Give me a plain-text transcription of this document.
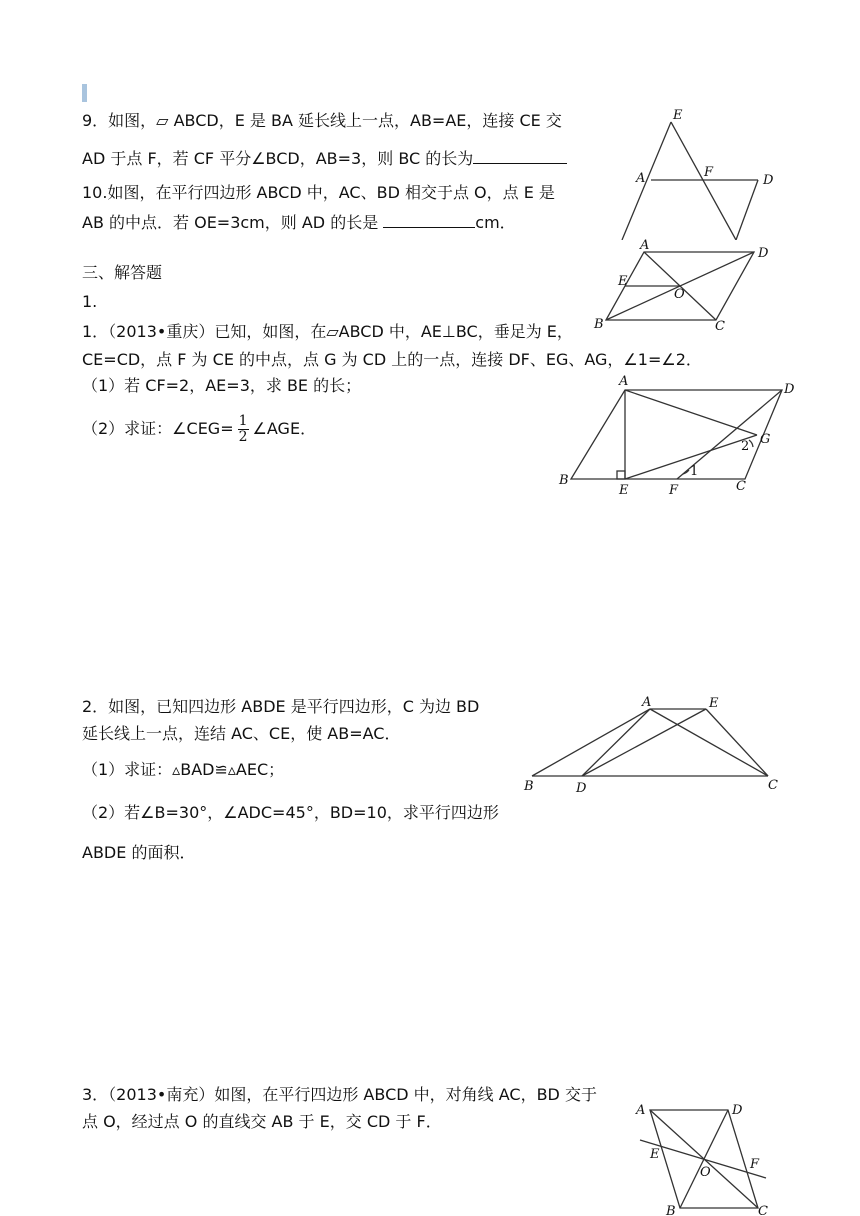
9．如图，▱ ABCD，E 是 BA 延长线上一点，AB=AE，连接 CE 交
AD 于点 F，若 CF 平分∠BCD，AB=3，则 BC 的长为
10.如图，在平行四边形 ABCD 中，AC、BD 相交于点 O，点 E 是
AB 的中点．若 OE=3cm，则 AD 的长是	cm．
三、解答题
1.
1．（2013•重庆）已知，如图，在▱ABCD 中，AE⊥BC，垂足为 E，
CE=CD，点 F 为 CE 的中点，点 G 为 CD 上的一点，连接 DF、EG、AG，∠1=∠2．
（1）若 CF=2，AE=3，求 BE 的长；
（2）求证：∠CEG= $\frac{1}{2}$ ∠AGE．
2．如图，已知四边形 ABDE 是平行四边形，C 为边 BD
延长线上一点，连结 AC、CE，使 AB=AC．
（1）求证：▵BAD≌▵AEC；
（2）若∠B=30°，∠ADC=45°，BD=10，求平行四边形
ABDE 的面积．
3．（2013•南充）如图，在平行四边形 ABCD 中，对角线 AC，BD 交于
点 O，经过点 O 的直线交 AB 于 E，交 CD 于 F．
E
A	F
D
A
D
E
O
B	C
A
D
G
2
1
B
E	F	C
A	E
B	D	C
A	D
E
O
F
B	C
